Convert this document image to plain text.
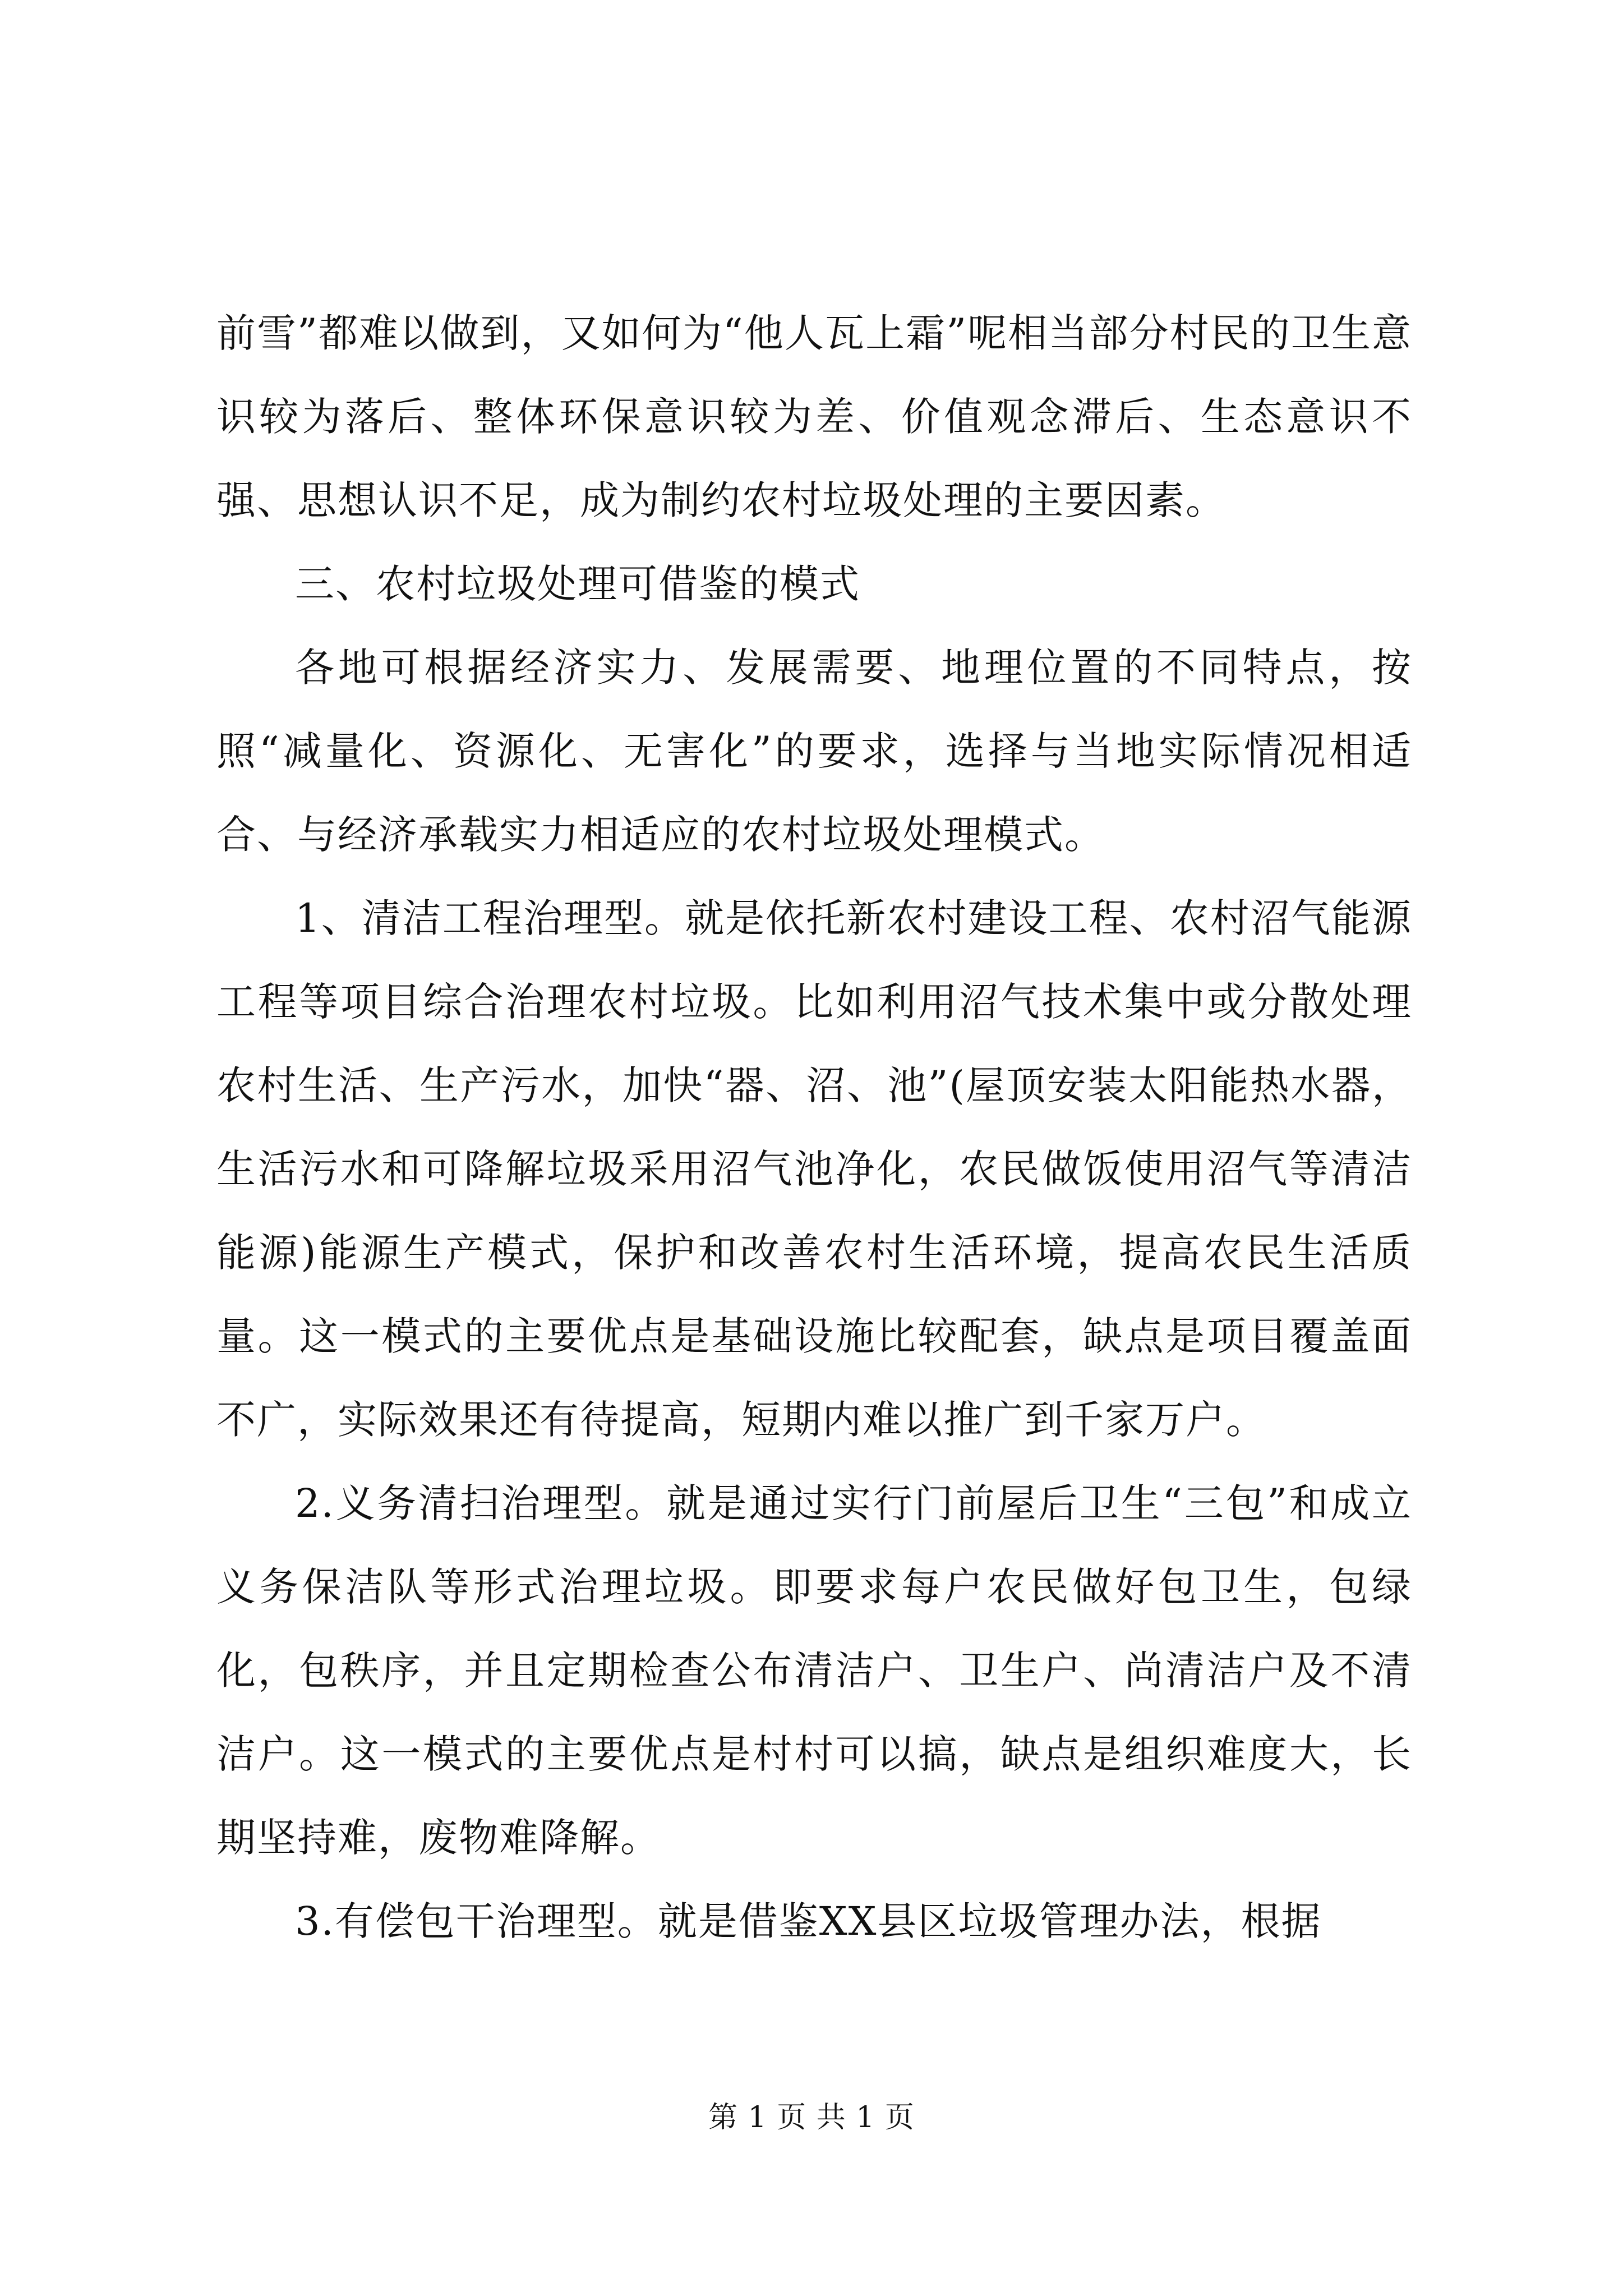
前雪”都难以做到，又如何为“他人瓦上霜”呢相当部分村民的卫生意识较为落后、整体环保意识较为差、价值观念滞后、生态意识不强、思想认识不足，成为制约农村垃圾处理的主要因素。

三、农村垃圾处理可借鉴的模式

各地可根据经济实力、发展需要、地理位置的不同特点，按照“减量化、资源化、无害化”的要求，选择与当地实际情况相适合、与经济承载实力相适应的农村垃圾处理模式。

1、清洁工程治理型。就是依托新农村建设工程、农村沼气能源工程等项目综合治理农村垃圾。比如利用沼气技术集中或分散处理农村生活、生产污水，加快“器、沼、池”(屋顶安装太阳能热水器，生活污水和可降解垃圾采用沼气池净化，农民做饭使用沼气等清洁能源)能源生产模式，保护和改善农村生活环境，提高农民生活质量。这一模式的主要优点是基础设施比较配套，缺点是项目覆盖面不广，实际效果还有待提高，短期内难以推广到千家万户。

2.义务清扫治理型。就是通过实行门前屋后卫生“三包”和成立义务保洁队等形式治理垃圾。即要求每户农民做好包卫生，包绿化，包秩序，并且定期检查公布清洁户、卫生户、尚清洁户及不清洁户。这一模式的主要优点是村村可以搞，缺点是组织难度大，长期坚持难，废物难降解。

3.有偿包干治理型。就是借鉴XX县区垃圾管理办法，根据

第 1 页 共 1 页
